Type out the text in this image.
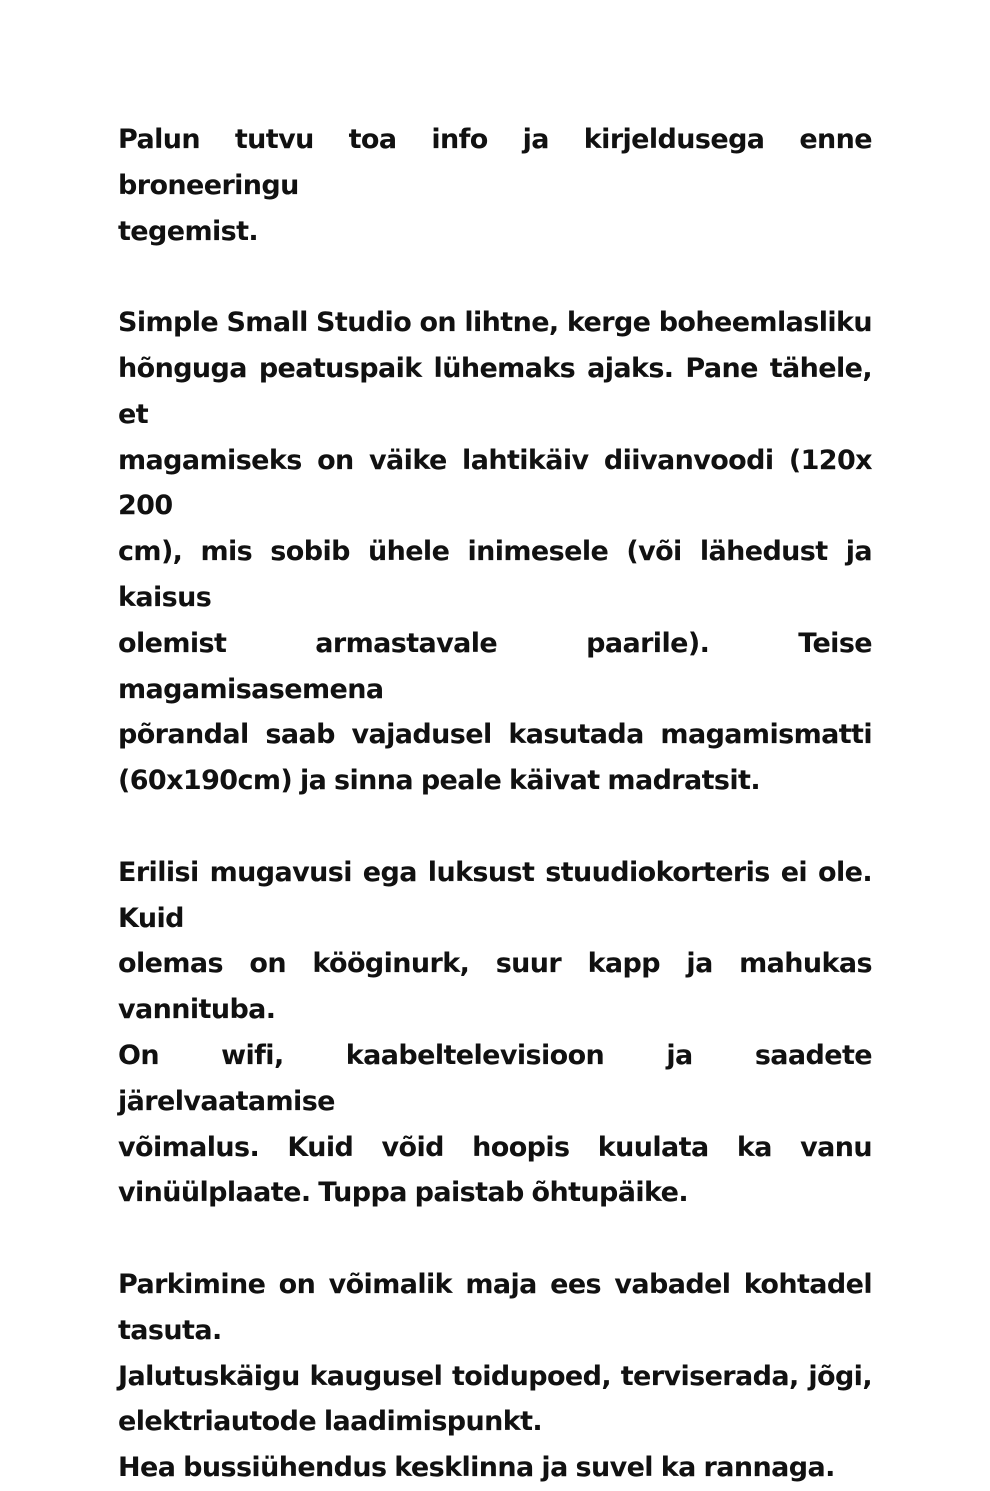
Palun tutvu toa info ja kirjeldusega enne broneeringu
tegemist.
Simple Small Studio on lihtne, kerge boheemlasliku
hõnguga peatuspaik lühemaks ajaks. Pane tähele, et
magamiseks on väike lahtikäiv diivanvoodi (120x 200
cm), mis sobib ühele inimesele (või lähedust ja kaisus
olemist armastavale paarile). Teise magamisasemena
põrandal saab vajadusel kasutada magamismatti
(60x190cm) ja sinna peale käivat madratsit.
Erilisi mugavusi ega luksust stuudiokorteris ei ole. Kuid
olemas on kööginurk, suur kapp ja mahukas vannituba.
On wifi, kaabeltelevisioon ja saadete järelvaatamise
võimalus. Kuid võid hoopis kuulata ka vanu
vinüülplaate. Tuppa paistab õhtupäike.
Parkimine on võimalik maja ees vabadel kohtadel
tasuta.
Jalutuskäigu kaugusel toidupoed, terviserada, jõgi,
elektriautode laadimispunkt.
Hea bussiühendus kesklinna ja suvel ka rannaga.
